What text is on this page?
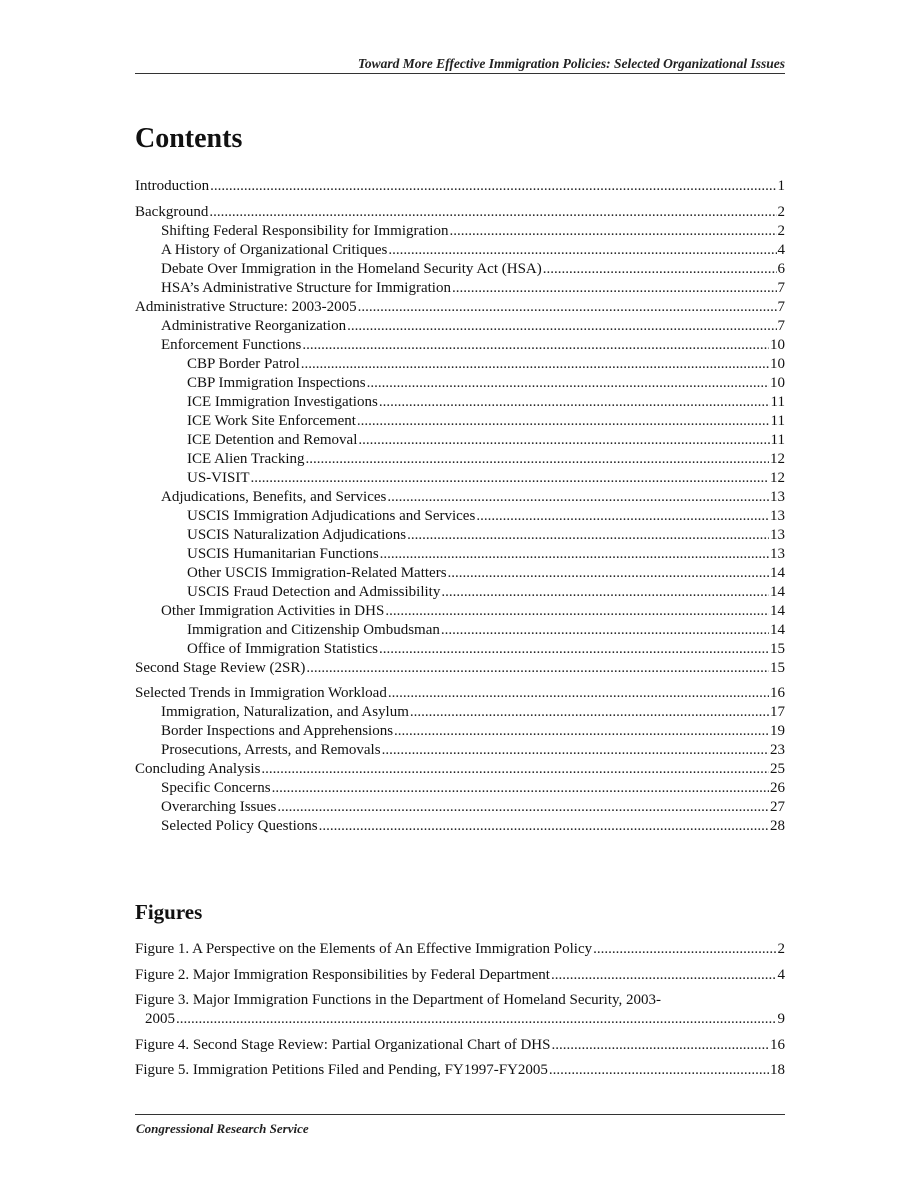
Toward More Effective Immigration Policies: Selected Organizational Issues
Contents
Introduction .....	1
Background .....	2
Shifting Federal Responsibility for Immigration .....	2
A History of Organizational Critiques .....	4
Debate Over Immigration in the Homeland Security Act (HSA) .....	6
HSA’s Administrative Structure for Immigration .....	7
Administrative Structure: 2003-2005 .....	7
Administrative Reorganization .....	7
Enforcement Functions .....	10
CBP Border Patrol .....	10
CBP Immigration Inspections .....	10
ICE Immigration Investigations .....	11
ICE Work Site Enforcement .....	11
ICE Detention and Removal .....	11
ICE Alien Tracking .....	12
US-VISIT .....	12
Adjudications, Benefits, and Services .....	13
USCIS Immigration Adjudications and Services .....	13
USCIS Naturalization Adjudications .....	13
USCIS Humanitarian Functions .....	13
Other USCIS Immigration-Related Matters .....	14
USCIS Fraud Detection and Admissibility .....	14
Other Immigration Activities in DHS .....	14
Immigration and Citizenship Ombudsman .....	14
Office of Immigration Statistics .....	15
Second Stage Review (2SR) .....	15
Selected Trends in Immigration Workload .....	16
Immigration, Naturalization, and Asylum .....	17
Border Inspections and Apprehensions .....	19
Prosecutions, Arrests, and Removals .....	23
Concluding Analysis .....	25
Specific Concerns .....	26
Overarching Issues .....	27
Selected Policy Questions .....	28
Figures
Figure 1. A Perspective on the Elements of An Effective Immigration Policy .....	2
Figure 2. Major Immigration Responsibilities by Federal Department .....	4
Figure 3. Major Immigration Functions in the Department of Homeland Security, 2003-
2005 .....	9
Figure 4. Second Stage Review: Partial Organizational Chart of DHS .....	16
Figure 5. Immigration Petitions Filed and Pending, FY1997-FY2005 .....	18
Congressional Research Service
